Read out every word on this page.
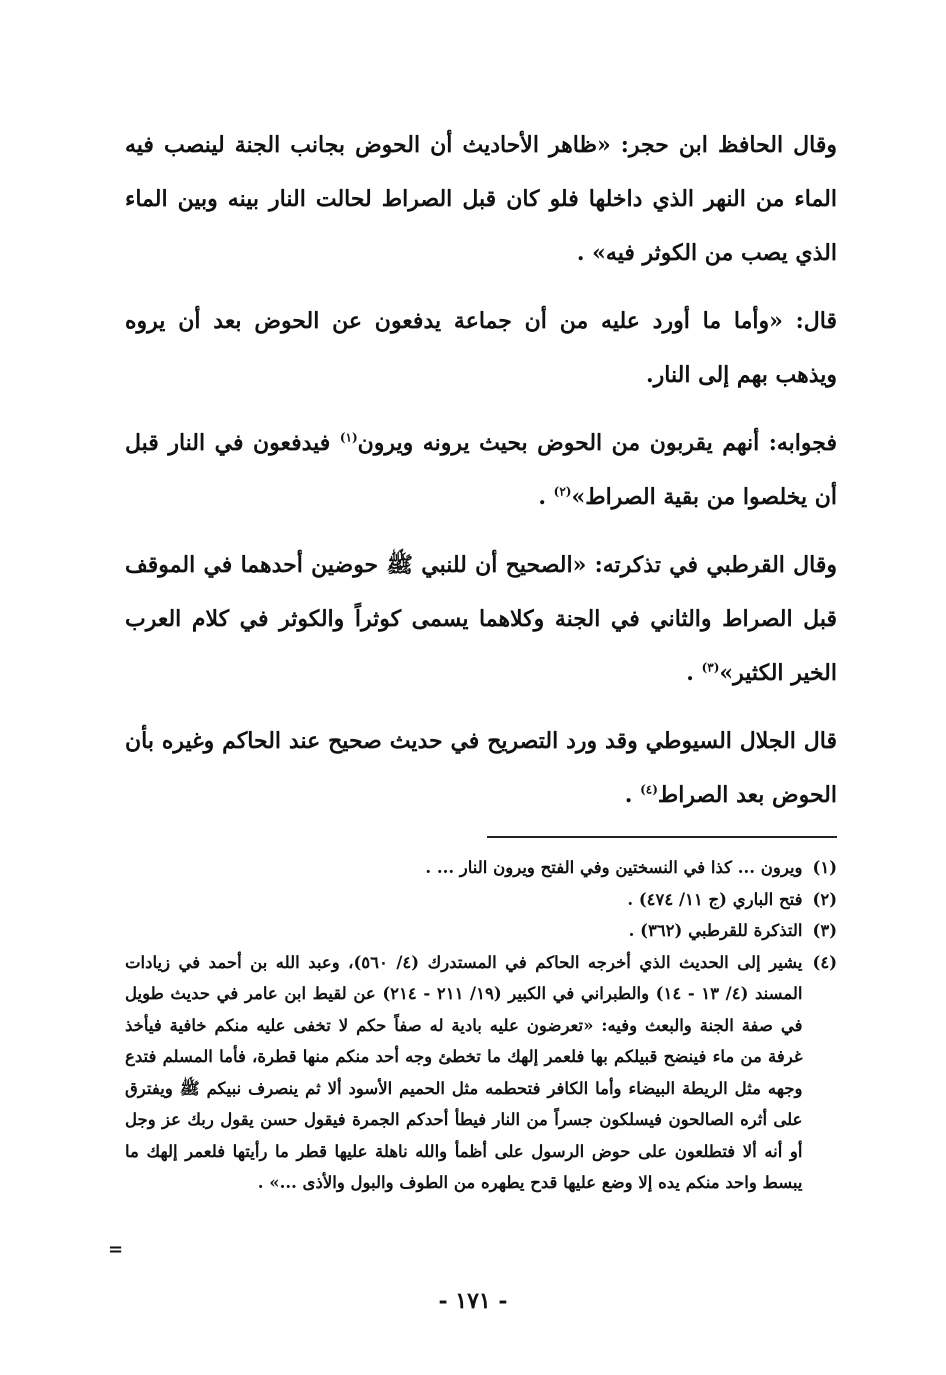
وقال الحافظ ابن حجر: «ظاهر الأحاديث أن الحوض بجانب الجنة لينصب فيه الماء من النهر الذي داخلها فلو كان قبل الصراط لحالت النار بينه وبين الماء الذي يصب من الكوثر فيه» .

قال: «وأما ما أورد عليه من أن جماعة يدفعون عن الحوض بعد أن يروه ويذهب بهم إلى النار.

فجوابه: أنهم يقربون من الحوض بحيث يرونه ويرون$^{(١)}$ فيدفعون في النار قبل أن يخلصوا من بقية الصراط»$^{(٢)}$ .

وقال القرطبي في تذكرته: «الصحيح أن للنبي ﷺ حوضين أحدهما في الموقف قبل الصراط والثاني في الجنة وكلاهما يسمى كوثراً والكوثر في كلام العرب الخير الكثير»$^{(٣)}$ .

قال الجلال السيوطي وقد ورد التصريح في حديث صحيح عند الحاكم وغيره بأن الحوض بعد الصراط$^{(٤)}$ .

(١)
ويرون ... كذا في النسختين وفي الفتح ويرون النار ... .
(٢)
فتح الباري (ج ١١/ ٤٧٤) .
(٣)
التذكرة للقرطبي (٣٦٢) .
(٤)
يشير إلى الحديث الذي أخرجه الحاكم في المستدرك (٤/ ٥٦٠)، وعبد الله بن أحمد في زيادات المسند (٤/ ١٣ - ١٤) والطبراني في الكبير (١٩/ ٢١١ - ٢١٤) عن لقيط ابن عامر في حديث طويل في صفة الجنة والبعث وفيه: «تعرضون عليه بادية له صفاً حكم لا تخفى عليه منكم خافية فيأخذ غرفة من ماء فينضح قبيلكم بها فلعمر إلهك ما تخطئ وجه أحد منكم منها قطرة، فأما المسلم فتدع وجهه مثل الريطة البيضاء وأما الكافر فتحطمه مثل الحميم الأسود ألا ثم ينصرف نبيكم ﷺ ويفترق على أثره الصالحون فيسلكون جسراً من النار فيطأ أحدكم الجمرة فيقول حسن يقول ربك عز وجل أو أنه ألا فتطلعون على حوض الرسول على أظمأ والله ناهلة عليها قطر ما رأيتها فلعمر إلهك ما يبسط واحد منكم يده إلا وضع عليها قدح يطهره من الطوف والبول والأذى ...» .
=
- ١٧١ -
